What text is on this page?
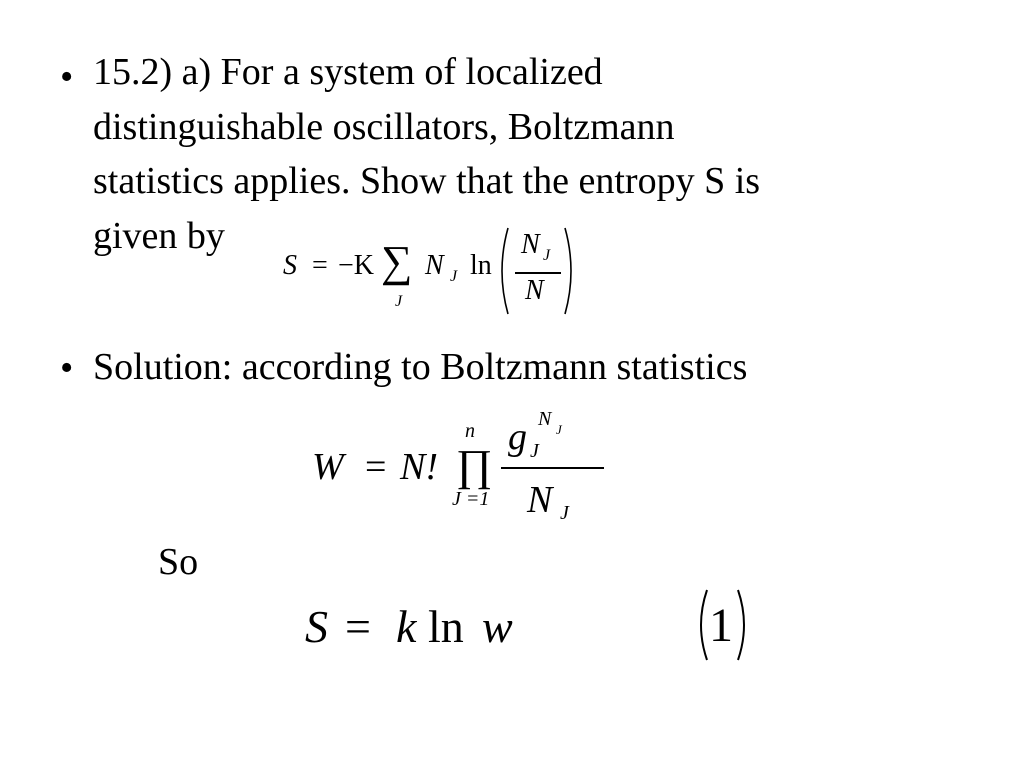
• 15.2) a) For a system of localized
distinguishable oscillators, Boltzmann
statistics applies. Show that the entropy S is
given by
S = −K ∑
J
N J ln
N J
N
• Solution: according to Boltzmann statistics
W = N! ∏
n
J =1
g J
N J
N J
So
S = k ln w	1
